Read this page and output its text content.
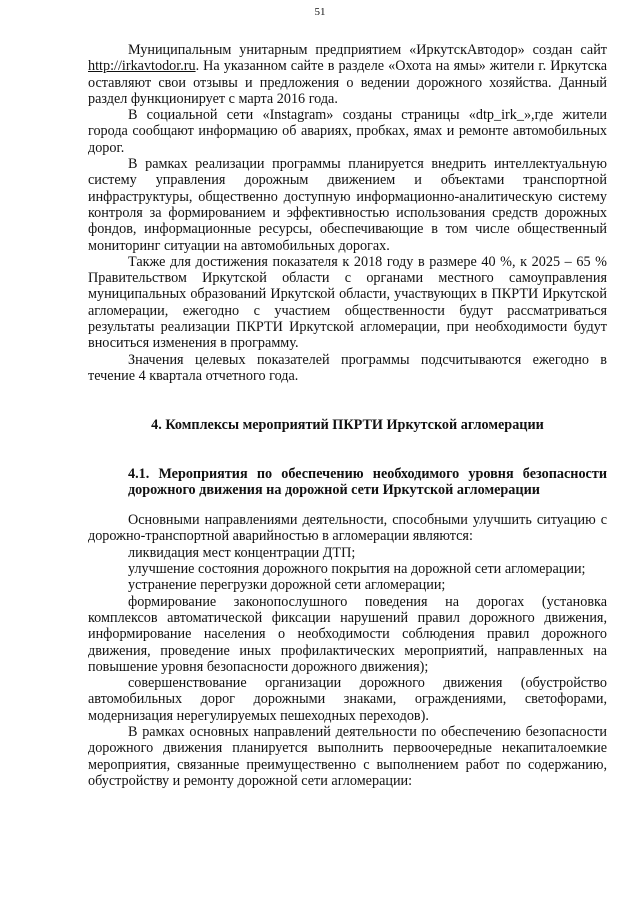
51

Муниципальным унитарным предприятием «ИркутскАвтодор» создан сайт http://irkavtodor.ru. На указанном сайте в разделе «Охота на ямы» жители г. Иркутска оставляют свои отзывы и предложения о ведении дорожного хозяйства. Данный раздел функционирует с марта 2016 года.

В социальной сети «Instagram» созданы страницы «dtp_irk_»,где жители города сообщают информацию об авариях, пробках, ямах и ремонте автомобильных дорог.

В рамках реализации программы планируется внедрить интеллектуальную систему управления дорожным движением и объектами транспортной инфраструктуры, общественно доступную информационно-аналитическую систему контроля за формированием и эффективностью использования средств дорожных фондов, информационные ресурсы, обеспечивающие в том числе общественный мониторинг ситуации на автомобильных дорогах.

Также для достижения показателя к 2018 году в размере 40 %, к 2025 – 65 % Правительством Иркутской области с органами местного самоуправления муниципальных образований Иркутской области, участвующих в ПКРТИ Иркутской агломерации, ежегодно с участием общественности будут рассматриваться результаты реализации ПКРТИ Иркутской агломерации, при необходимости будут вноситься изменения в программу.

Значения целевых показателей программы подсчитываются ежегодно в течение 4 квартала отчетного года.

4. Комплексы мероприятий ПКРТИ Иркутской агломерации
4.1. Мероприятия по обеспечению необходимого уровня безопасности дорожного движения на дорожной сети Иркутской агломерации

Основными направлениями деятельности, способными улучшить ситуацию с дорожно-транспортной аварийностью в агломерации являются:

ликвидация мест концентрации ДТП;

улучшение состояния дорожного покрытия на дорожной сети агломерации;

устранение перегрузки дорожной сети агломерации;

формирование законопослушного поведения на дорогах (установка комплексов автоматической фиксации нарушений правил дорожного движения, информирование населения о необходимости соблюдения правил дорожного движения, проведение иных профилактических мероприятий, направленных на повышение уровня безопасности дорожного движения);

совершенствование организации дорожного движения (обустройство автомобильных дорог дорожными знаками, ограждениями, светофорами, модернизация нерегулируемых пешеходных переходов).

В рамках основных направлений деятельности по обеспечению безопасности дорожного движения планируется выполнить первоочередные некапиталоемкие мероприятия, связанные преимущественно с выполнением работ по содержанию, обустройству и ремонту дорожной сети агломерации:
